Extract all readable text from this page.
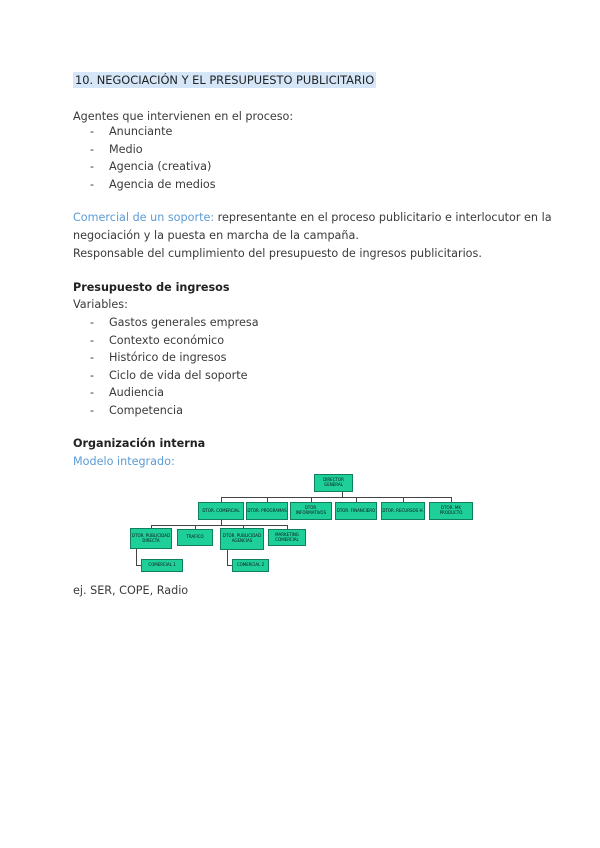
10. NEGOCIACIÓN Y EL PRESUPUESTO PUBLICITARIO
Agentes que intervienen en el proceso:
- Anunciante
- Medio
- Agencia (creativa)
- Agencia de medios
Comercial de un soporte: representante en el proceso publicitario e interlocutor en la
negociación y la puesta en marcha de la campaña.
Responsable del cumplimiento del presupuesto de ingresos publicitarios.
Presupuesto de ingresos
Variables:
- Gastos generales empresa
- Contexto económico
- Histórico de ingresos
- Ciclo de vida del soporte
- Audiencia
- Competencia
Organización interna
Modelo integrado:
DIRECTOR GENERAL
DTOR. COMERCIAL	DTOR. PROGRAMAS	DTOR. INFORMATIVOS	DTOR. FINANCIERO	DTOR. RECURSOS H.	DTOR. MK PRODUCTO
DTOR. PUBLICIDAD DIRECTA
TRAFICO	DTOR. PUBLICIDAD AGENCIAS
MARKETING COMERCIAL
COMERCIAL 1	COMERCIAL 2
ej. SER, COPE, Radio
